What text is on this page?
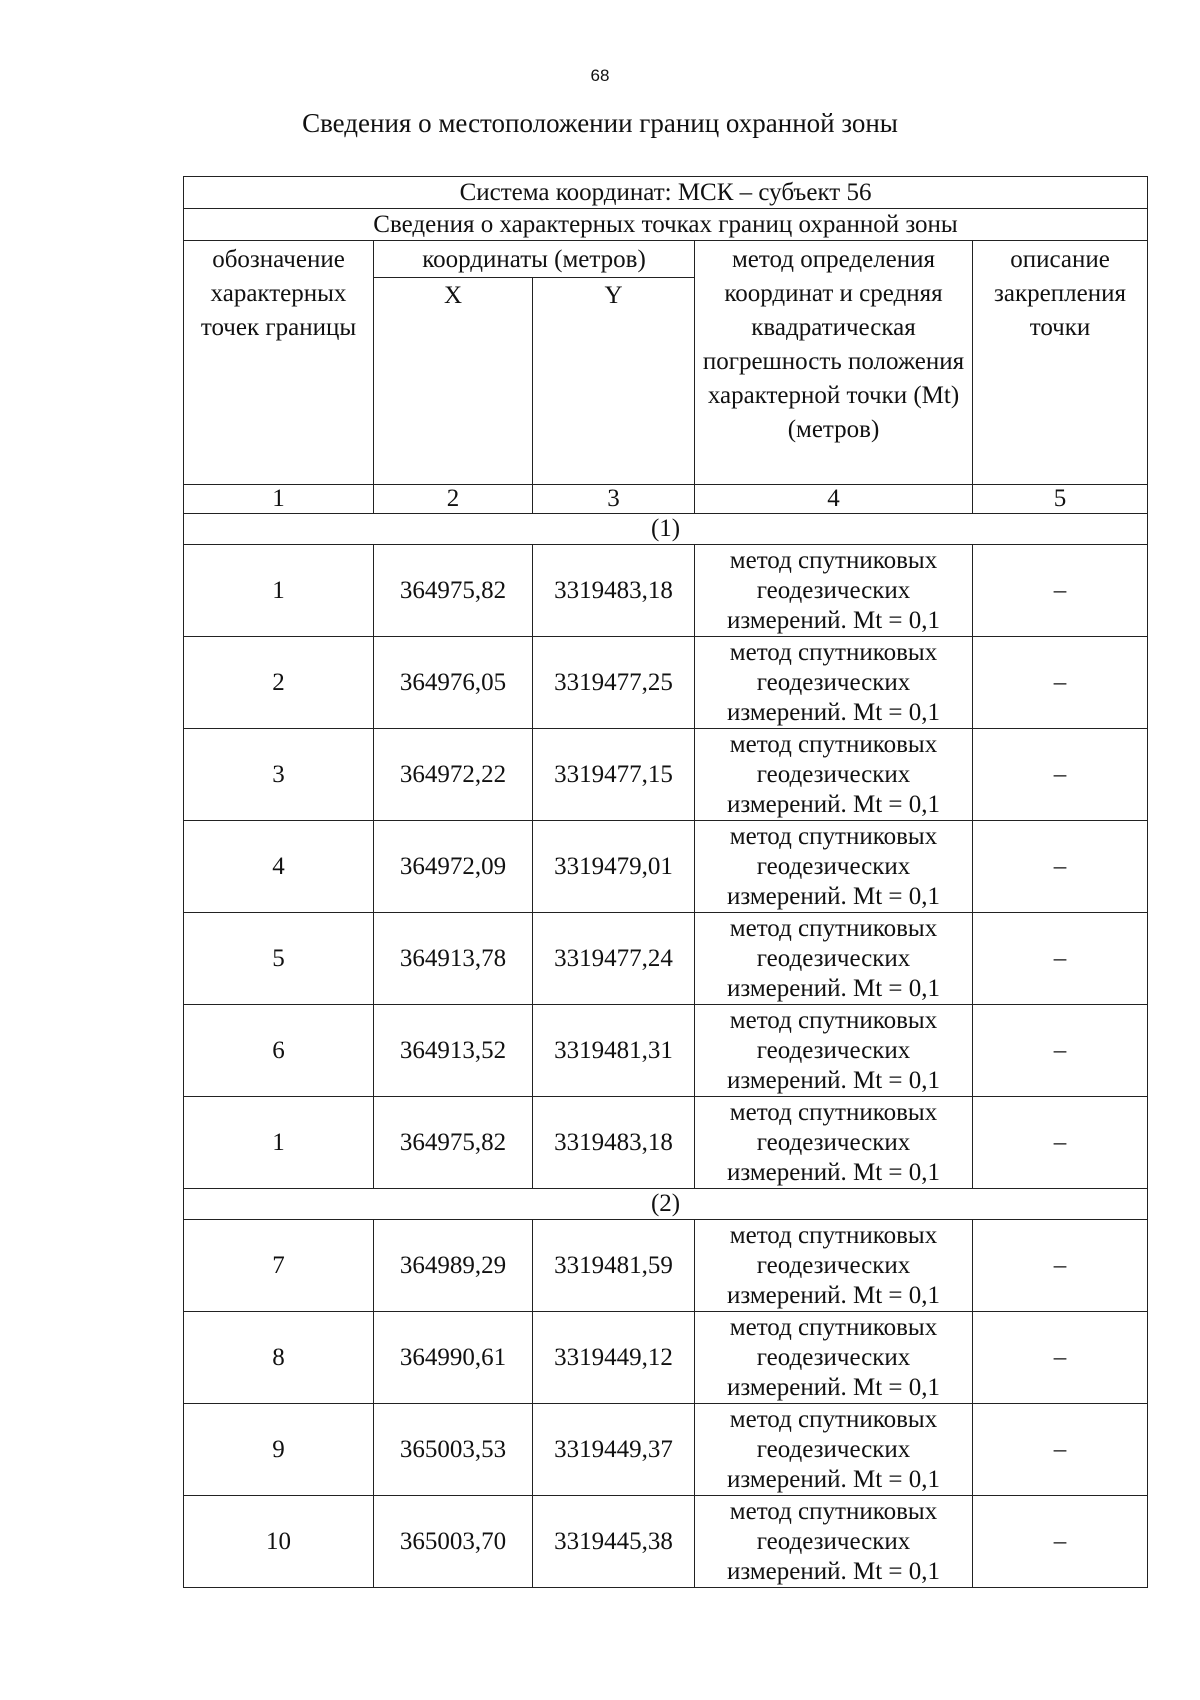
68
Сведения о местоположении границ охранной зоны
Система координат: МСК – субъект 56				
Сведения о характерных точках границ охранной зоны				
обозначение характерных точек границы	координаты (метров)		метод определения координат и средняя квадратическая погрешность положения характерной точки (Mt) (метров)	описание закрепления точки
	X	Y		
1	2	3	4	5
(1)				
1	364975,82	3319483,18	метод спутниковых геодезических измерений. Mt = 0,1	–
2	364976,05	3319477,25	метод спутниковых геодезических измерений. Mt = 0,1	–
3	364972,22	3319477,15	метод спутниковых геодезических измерений. Mt = 0,1	–
4	364972,09	3319479,01	метод спутниковых геодезических измерений. Mt = 0,1	–
5	364913,78	3319477,24	метод спутниковых геодезических измерений. Mt = 0,1	–
6	364913,52	3319481,31	метод спутниковых геодезических измерений. Mt = 0,1	–
1	364975,82	3319483,18	метод спутниковых геодезических измерений. Mt = 0,1	–
(2)				
7	364989,29	3319481,59	метод спутниковых геодезических измерений. Mt = 0,1	–
8	364990,61	3319449,12	метод спутниковых геодезических измерений. Mt = 0,1	–
9	365003,53	3319449,37	метод спутниковых геодезических измерений. Mt = 0,1	–
10	365003,70	3319445,38	метод спутниковых геодезических измерений. Mt = 0,1	–
